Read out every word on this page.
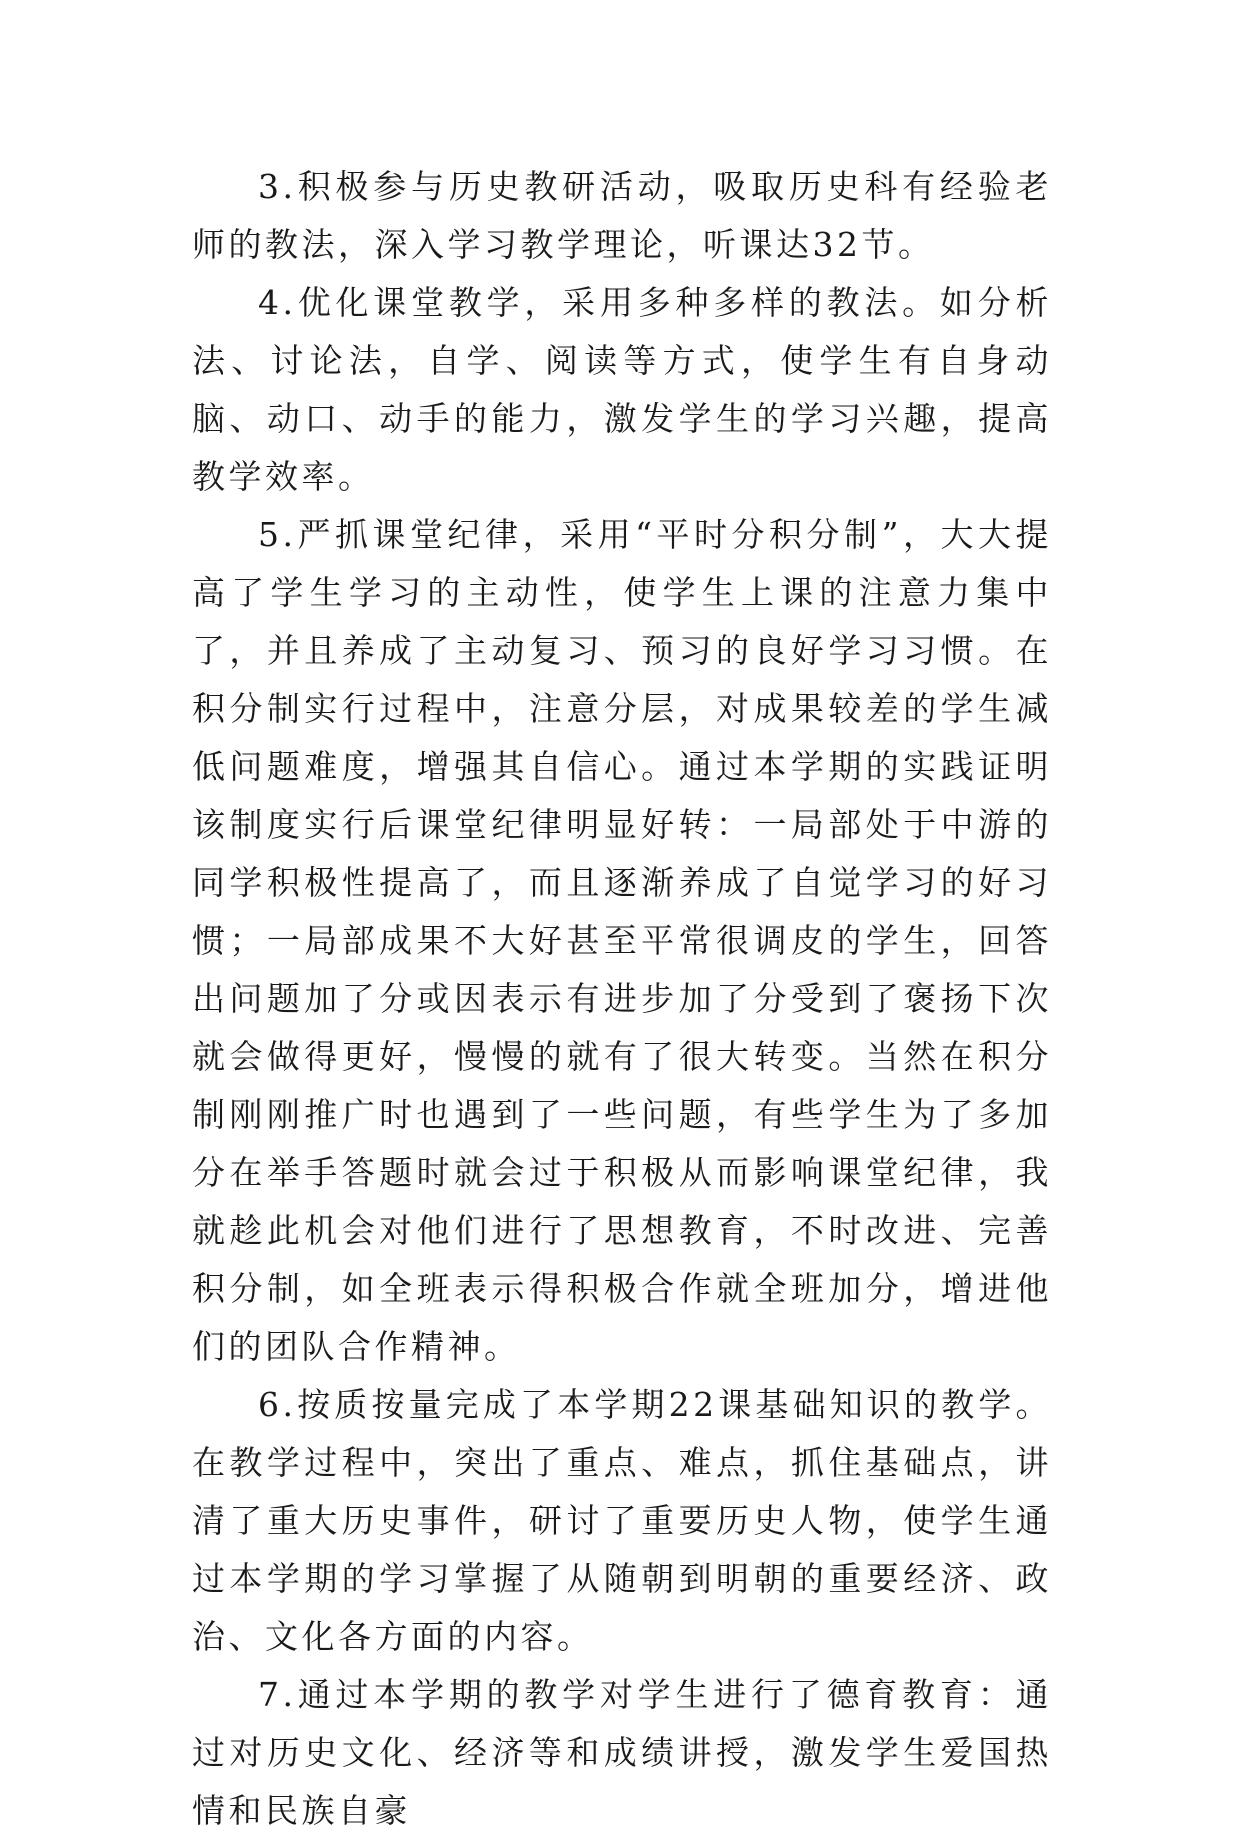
3.积极参与历史教研活动，吸取历史科有经验老师的教法，深入学习教学理论，听课达32节。

4.优化课堂教学，采用多种多样的教法。如分析法、讨论法，自学、阅读等方式，使学生有自身动脑、动口、动手的能力，激发学生的学习兴趣，提高教学效率。

5.严抓课堂纪律，采用“平时分积分制”，大大提高了学生学习的主动性，使学生上课的注意力集中了，并且养成了主动复习、预习的良好学习习惯。在积分制实行过程中，注意分层，对成果较差的学生减低问题难度，增强其自信心。通过本学期的实践证明该制度实行后课堂纪律明显好转：一局部处于中游的同学积极性提高了，而且逐渐养成了自觉学习的好习惯；一局部成果不大好甚至平常很调皮的学生，回答出问题加了分或因表示有进步加了分受到了褒扬下次就会做得更好，慢慢的就有了很大转变。当然在积分制刚刚推广时也遇到了一些问题，有些学生为了多加分在举手答题时就会过于积极从而影响课堂纪律，我就趁此机会对他们进行了思想教育，不时改进、完善积分制，如全班表示得积极合作就全班加分，增进他们的团队合作精神。

6.按质按量完成了本学期22课基础知识的教学。在教学过程中，突出了重点、难点，抓住基础点，讲清了重大历史事件，研讨了重要历史人物，使学生通过本学期的学习掌握了从随朝到明朝的重要经济、政治、文化各方面的内容。

7.通过本学期的教学对学生进行了德育教育：通过对历史文化、经济等和成绩讲授，激发学生爱国热情和民族自豪
